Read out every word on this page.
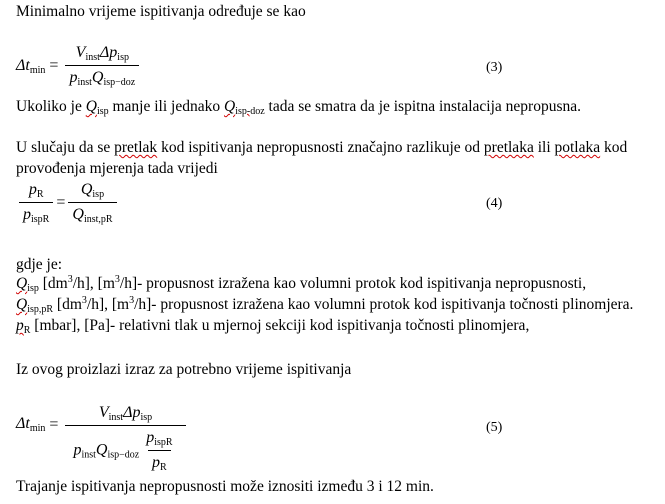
Minimalno vrijeme ispitivanja određuje se kao
$\Delta t_{min} = \frac{V_{inst}\Delta p_{isp}}{p_{inst}Q_{isp-doz}}$	(3)
Ukoliko je $Q_{isp}$ manje ili jednako $Q_{isp-doz}$ tada se smatra da je ispitna instalacija nepropusna.
U slučaju da se pretlak kod ispitivanja nepropusnosti značajno razlikuje od pretlaka ili potlaka kod
provođenja mjerenja tada vrijedi
$\frac{p_R}{p_{ispR}} = \frac{Q_{isp}}{Q_{inst,pR}}$	(4)
gdje je:
$Q_{isp}$ $[dm^3/h]$, $[m^3/h]-$ propusnost izražena kao volumni protok kod ispitivanja nepropusnosti,
$Q_{isp,pR}$ $[dm^3/h]$, $[m^3/h]-$ propusnost izražena kao volumni protok kod ispitivanja točnosti plinomjera.
$p_R$ [mbar], [Pa]- relativni tlak u mjernoj sekciji kod ispitivanja točnosti plinomjera,
Iz ovog proizlazi izraz za potrebno vrijeme ispitivanja
$\Delta t_{min} = \frac{V_{inst}\Delta p_{isp}}{p_{inst}Q_{isp-doz} \frac{p_{ispR}}{p_R}}$	(5)
Trajanje ispitivanja nepropusnosti može iznositi između 3 i 12 min.
